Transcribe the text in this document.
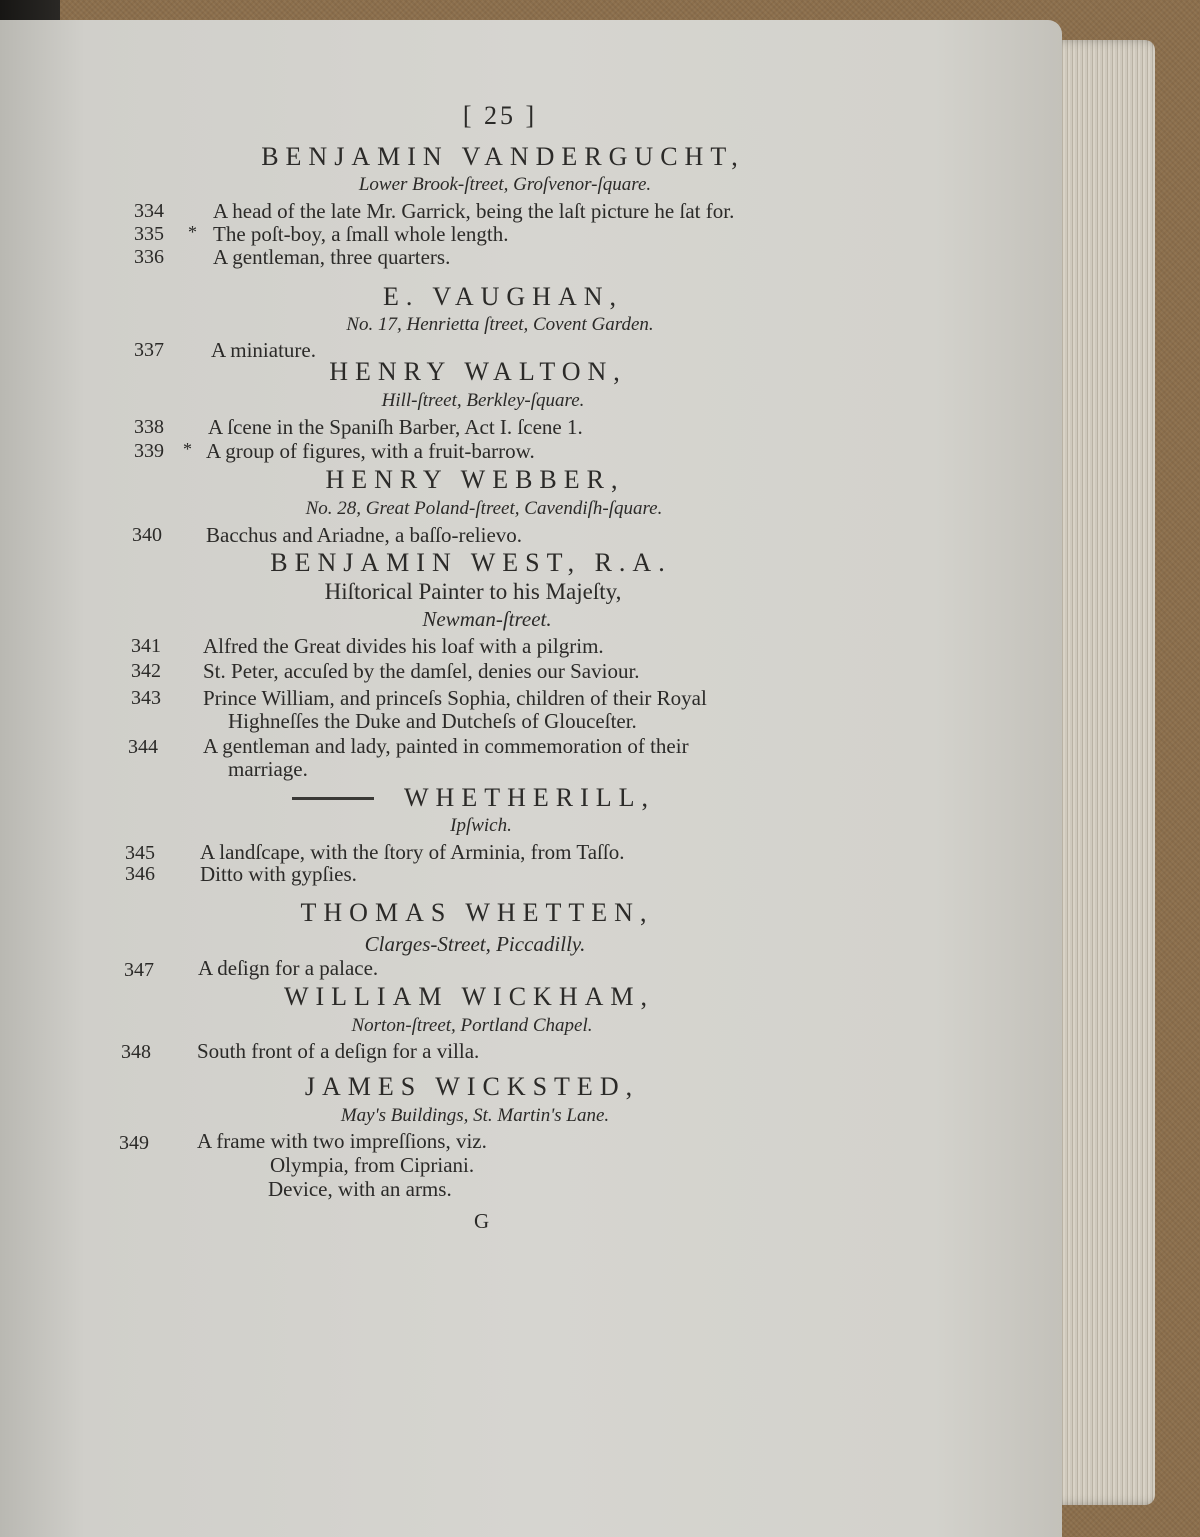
[ 25 ]
BENJAMIN VANDERGUCHT,
Lower Brook-ſtreet, Groſvenor-ſquare.
334 A head of the late Mr. Garrick, being the laſt picture he ſat for.
335 * The poſt-boy, a ſmall whole length.
336 A gentleman, three quarters.
E. VAUGHAN,
No. 17, Henrietta ſtreet, Covent Garden.
337 A miniature.
HENRY WALTON,
Hill-ſtreet, Berkley-ſquare.
338 A ſcene in the Spaniſh Barber, Act I. ſcene 1.
339 * A group of figures, with a fruit-barrow.
HENRY WEBBER,
No. 28, Great Poland-ſtreet, Cavendiſh-ſquare.
340 Bacchus and Ariadne, a baſſo-relievo.
BENJAMIN WEST, R.A.
Hiſtorical Painter to his Majeſty,
Newman-ſtreet.
341 Alfred the Great divides his loaf with a pilgrim.
342 St. Peter, accuſed by the damſel, denies our Saviour.
343 Prince William, and princeſs Sophia, children of their Royal
Highneſſes the Duke and Dutcheſs of Glouceſter.
344 A gentleman and lady, painted in commemoration of their
marriage.
WHETHERILL,
Ipſwich.
345 A landſcape, with the ſtory of Arminia, from Taſſo.
346 Ditto with gypſies.
THOMAS WHETTEN,
Clarges-Street, Piccadilly.
347 A deſign for a palace.
WILLIAM WICKHAM,
Norton-ſtreet, Portland Chapel.
348 South front of a deſign for a villa.
JAMES WICKSTED,
May's Buildings, St. Martin's Lane.
349 A frame with two impreſſions, viz.
Olympia, from Cipriani.
Device, with an arms.
G
